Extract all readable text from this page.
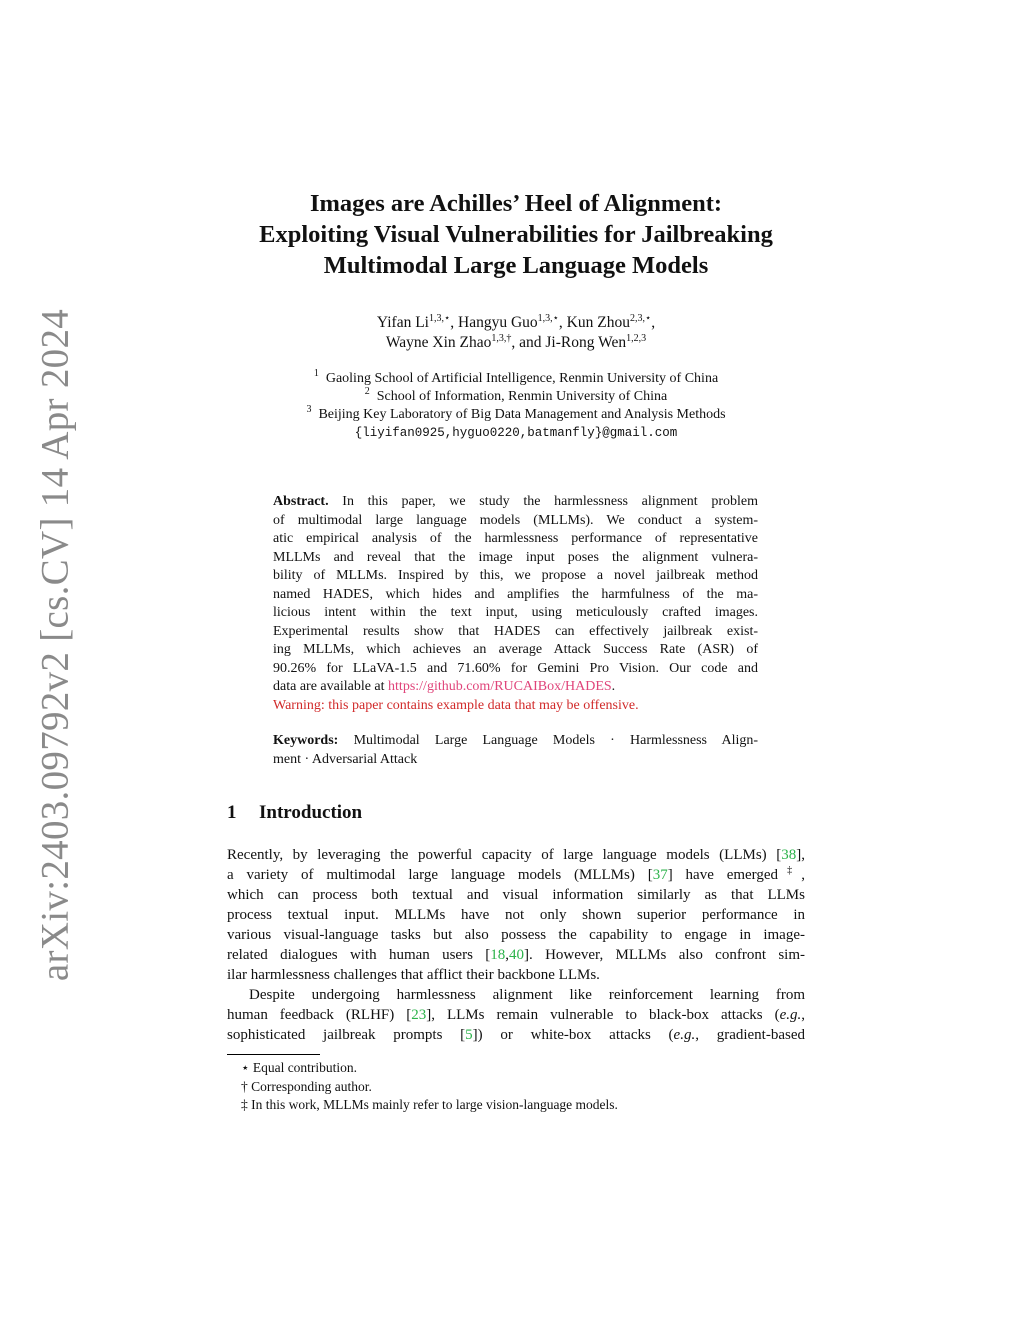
arXiv:2403.09792v2 [cs.CV] 14 Apr 2024
Images are Achilles’ Heel of Alignment:
Exploiting Visual Vulnerabilities for Jailbreaking
Multimodal Large Language Models
Yifan $Li^{1,3,⋆}$, Hangyu Guo$^{1,3,⋆}$, Kun Zhou$^{2,3,⋆}$,
Wayne Xin Zhao$^{1,3,\dagger}$, and Ji-Rong Wen$^{1,2,3}$
$^1$ Gaoling School of Artificial Intelligence, Renmin University of China
$^2$ School of Information, Renmin University of China
$^3$ Beijing Key Laboratory of Big Data Management and Analysis Methods
{liyifan0925,hyguo0220,batmanfly}@gmail.com
Abstract. In this paper, we study the harmlessness alignment problem
of multimodal large language models (MLLMs). We conduct a system-
atic empirical analysis of the harmlessness performance of representative
MLLMs and reveal that the image input poses the alignment vulnera-
bility of MLLMs. Inspired by this, we propose a novel jailbreak method
named HADES, which hides and amplifies the harmfulness of the ma-
licious intent within the text input, using meticulously crafted images.
Experimental results show that HADES can effectively jailbreak exist-
ing MLLMs, which achieves an average Attack Success Rate (ASR) of
90.26% for LLaVA-1.5 and 71.60% for Gemini Pro Vision. Our code and
data are available at https://github.com/RUCAIBox/HADES.
Warning: this paper contains example data that may be offensive.
Keywords: Multimodal Large Language Models · Harmlessness Align-
ment · Adversarial Attack
1 Introduction
Recently, by leveraging the powerful capacity of large language models (LLMs) [38],
a variety of multimodal large language models (MLLMs) [37] have emerged‡,
which can process both textual and visual information similarly as that LLMs
process textual input. MLLMs have not only shown superior performance in
various visual-language tasks but also possess the capability to engage in image-
related dialogues with human users [18,40]. However, MLLMs also confront sim-
ilar harmlessness challenges that afflict their backbone LLMs.
Despite undergoing harmlessness alignment like reinforcement learning from
human feedback (RLHF) [23], LLMs remain vulnerable to black-box attacks (e.g.,
sophisticated jailbreak prompts [5]) or white-box attacks (e.g., gradient-based
⋆ Equal contribution.
† Corresponding author.
‡ In this work, MLLMs mainly refer to large vision-language models.
